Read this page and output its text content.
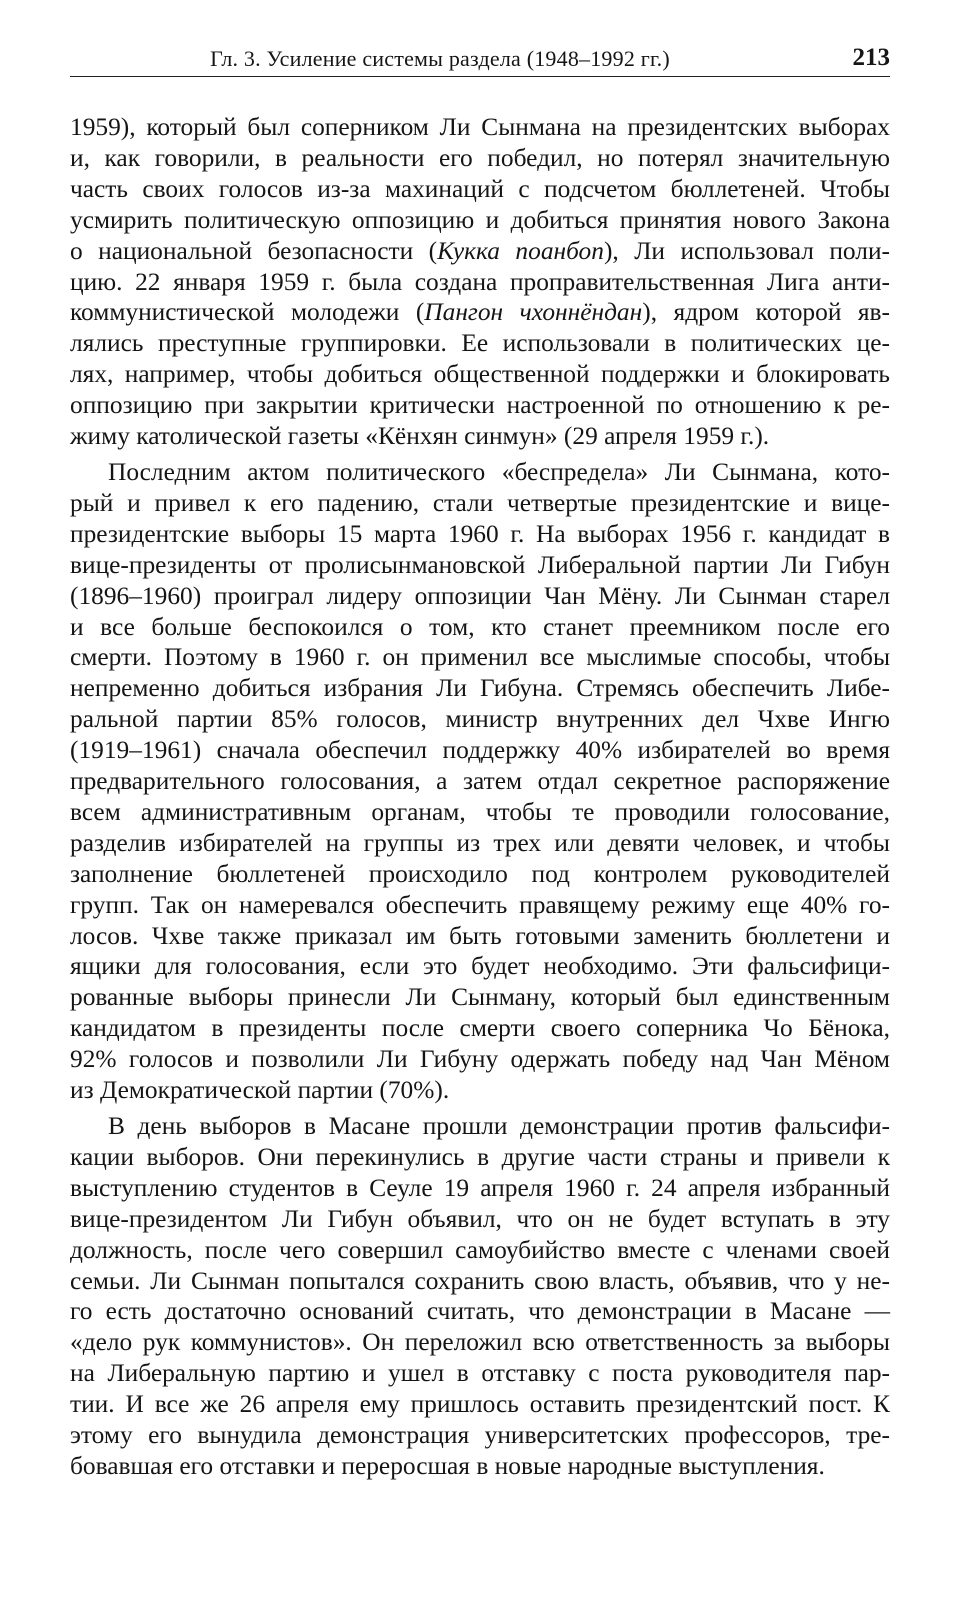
Гл. 3. Усиление системы раздела (1948–1992 гг.)	213

1959), который был соперником Ли Сынмана на президентских выборах
и, как говорили, в реальности его победил, но потерял значительную
часть своих голосов из-за махинаций с подсчетом бюллетеней. Чтобы
усмирить политическую оппозицию и добиться принятия нового Закона
о национальной безопасности (Кукка поанбоп), Ли использовал поли-
цию. 22 января 1959 г. была создана проправительственная Лига анти-
коммунистической молодежи (Пангон чхоннёндан), ядром которой яв-
лялись преступные группировки. Ее использовали в политических це-
лях, например, чтобы добиться общественной поддержки и блокировать
оппозицию при закрытии критически настроенной по отношению к ре-
жиму католической газеты «Кёнхян синмун» (29 апреля 1959 г.).

Последним актом политического «беспредела» Ли Сынмана, кото-
рый и привел к его падению, стали четвертые президентские и вице-
президентские выборы 15 марта 1960 г. На выборах 1956 г. кандидат в
вице-президенты от пролисынмановской Либеральной партии Ли Гибун
(1896–1960) проиграл лидеру оппозиции Чан Мёну. Ли Сынман старел
и все больше беспокоился о том, кто станет преемником после его
смерти. Поэтому в 1960 г. он применил все мыслимые способы, чтобы
непременно добиться избрания Ли Гибуна. Стремясь обеспечить Либе-
ральной партии 85% голосов, министр внутренних дел Чхве Ингю
(1919–1961) сначала обеспечил поддержку 40% избирателей во время
предварительного голосования, а затем отдал секретное распоряжение
всем административным органам, чтобы те проводили голосование,
разделив избирателей на группы из трех или девяти человек, и чтобы
заполнение бюллетеней происходило под контролем руководителей
групп. Так он намеревался обеспечить правящему режиму еще 40% го-
лосов. Чхве также приказал им быть готовыми заменить бюллетени и
ящики для голосования, если это будет необходимо. Эти фальсифици-
рованные выборы принесли Ли Сынману, который был единственным
кандидатом в президенты после смерти своего соперника Чо Бёнока,
92% голосов и позволили Ли Гибуну одержать победу над Чан Мёном
из Демократической партии (70%).

В день выборов в Масане прошли демонстрации против фальсифи-
кации выборов. Они перекинулись в другие части страны и привели к
выступлению студентов в Сеуле 19 апреля 1960 г. 24 апреля избранный
вице-президентом Ли Гибун объявил, что он не будет вступать в эту
должность, после чего совершил самоубийство вместе с членами своей
семьи. Ли Сынман попытался сохранить свою власть, объявив, что у не-
го есть достаточно оснований считать, что демонстрации в Масане —
«дело рук коммунистов». Он переложил всю ответственность за выборы
на Либеральную партию и ушел в отставку с поста руководителя пар-
тии. И все же 26 апреля ему пришлось оставить президентский пост. К
этому его вынудила демонстрация университетских профессоров, тре-
бовавшая его отставки и переросшая в новые народные выступления.
